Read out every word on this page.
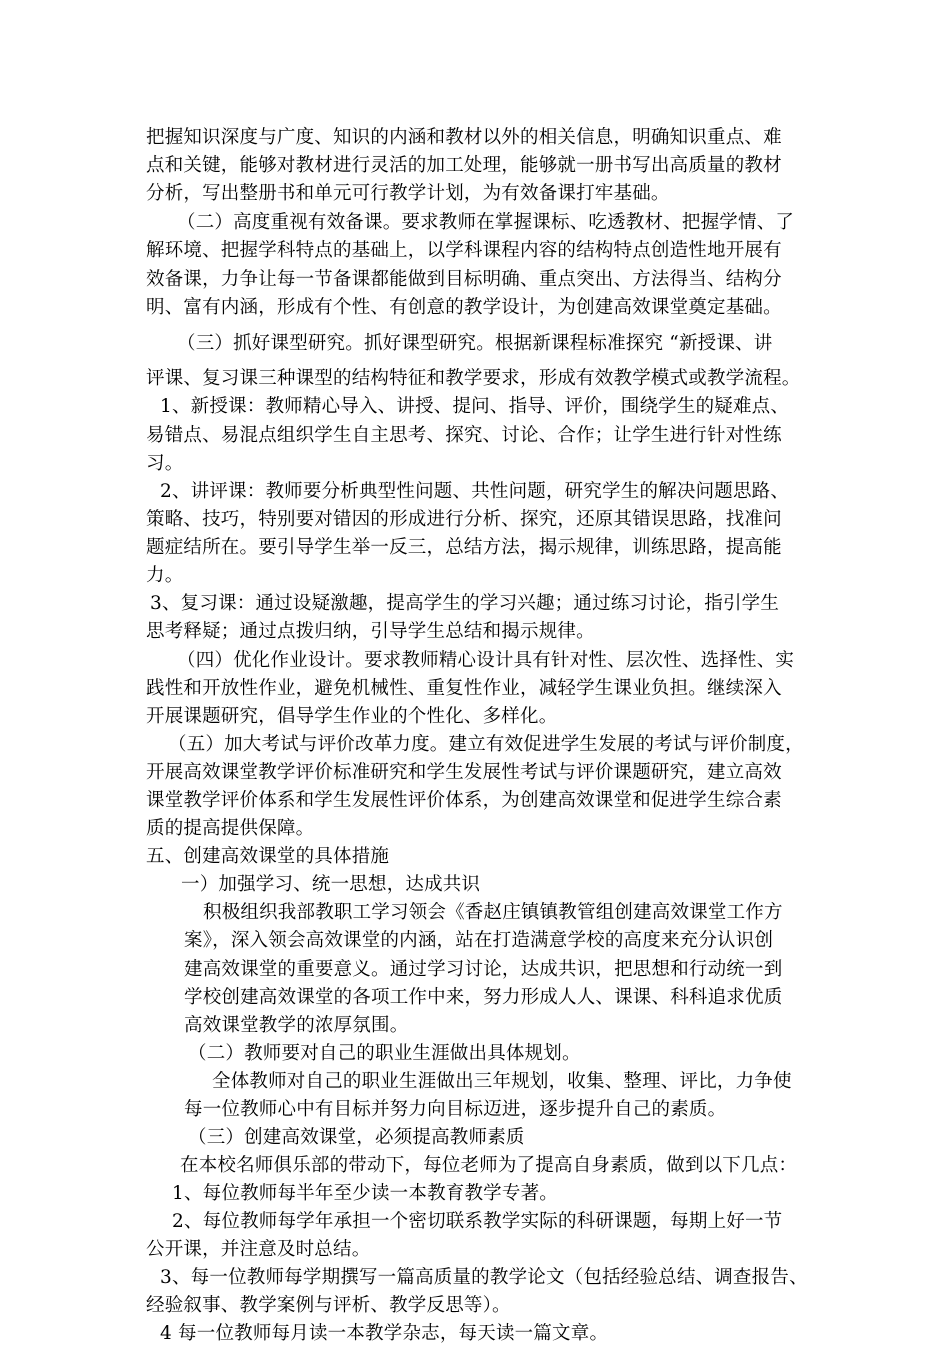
把握知识深度与广度、知识的内涵和教材以外的相关信息，明确知识重点、难
点和关键，能够对教材进行灵活的加工处理，能够就一册书写出高质量的教材
分析，写出整册书和单元可行教学计划，为有效备课打牢基础。
（二）高度重视有效备课。要求教师在掌握课标、吃透教材、把握学情、了
解环境、把握学科特点的基础上，以学科课程内容的结构特点创造性地开展有
效备课，力争让每一节备课都能做到目标明确、重点突出、方法得当、结构分
明、富有内涵，形成有个性、有创意的教学设计，为创建高效课堂奠定基础。
（三）抓好课型研究。抓好课型研究。根据新课程标准探究 “新授课、讲
评课、复习课三种课型的结构特征和教学要求，形成有效教学模式或教学流程。
1、新授课：教师精心导入、讲授、提问、指导、评价，围绕学生的疑难点、
易错点、易混点组织学生自主思考、探究、讨论、合作；让学生进行针对性练
习。
2、讲评课：教师要分析典型性问题、共性问题，研究学生的解决问题思路、
策略、技巧，特别要对错因的形成进行分析、探究，还原其错误思路，找准问
题症结所在。要引导学生举一反三，总结方法，揭示规律，训练思路，提高能
力。
3、复习课：通过设疑激趣，提高学生的学习兴趣；通过练习讨论，指引学生
思考释疑；通过点拨归纳，引导学生总结和揭示规律。
（四）优化作业设计。要求教师精心设计具有针对性、层次性、选择性、实
践性和开放性作业，避免机械性、重复性作业，减轻学生课业负担。继续深入
开展课题研究，倡导学生作业的个性化、多样化。
（五）加大考试与评价改革力度。建立有效促进学生发展的考试与评价制度，
开展高效课堂教学评价标准研究和学生发展性考试与评价课题研究，建立高效
课堂教学评价体系和学生发展性评价体系，为创建高效课堂和促进学生综合素
质的提高提供保障。
五、创建高效课堂的具体措施
一）加强学习、统一思想，达成共识
积极组织我部教职工学习领会《香赵庄镇镇教管组创建高效课堂工作方
案》，深入领会高效课堂的内涵，站在打造满意学校的高度来充分认识创
建高效课堂的重要意义。通过学习讨论，达成共识，把思想和行动统一到
学校创建高效课堂的各项工作中来，努力形成人人、课课、科科追求优质
高效课堂教学的浓厚氛围。
（二）教师要对自己的职业生涯做出具体规划。
全体教师对自己的职业生涯做出三年规划，收集、整理、评比，力争使
每一位教师心中有目标并努力向目标迈进，逐步提升自己的素质。
（三）创建高效课堂，必须提高教师素质
在本校名师俱乐部的带动下，每位老师为了提高自身素质，做到以下几点：
1、每位教师每半年至少读一本教育教学专著。
2、每位教师每学年承担一个密切联系教学实际的科研课题，每期上好一节
公开课，并注意及时总结。
3、每一位教师每学期撰写一篇高质量的教学论文（包括经验总结、调查报告、
经验叙事、教学案例与评析、教学反思等）。
4 每一位教师每月读一本教学杂志，每天读一篇文章。
